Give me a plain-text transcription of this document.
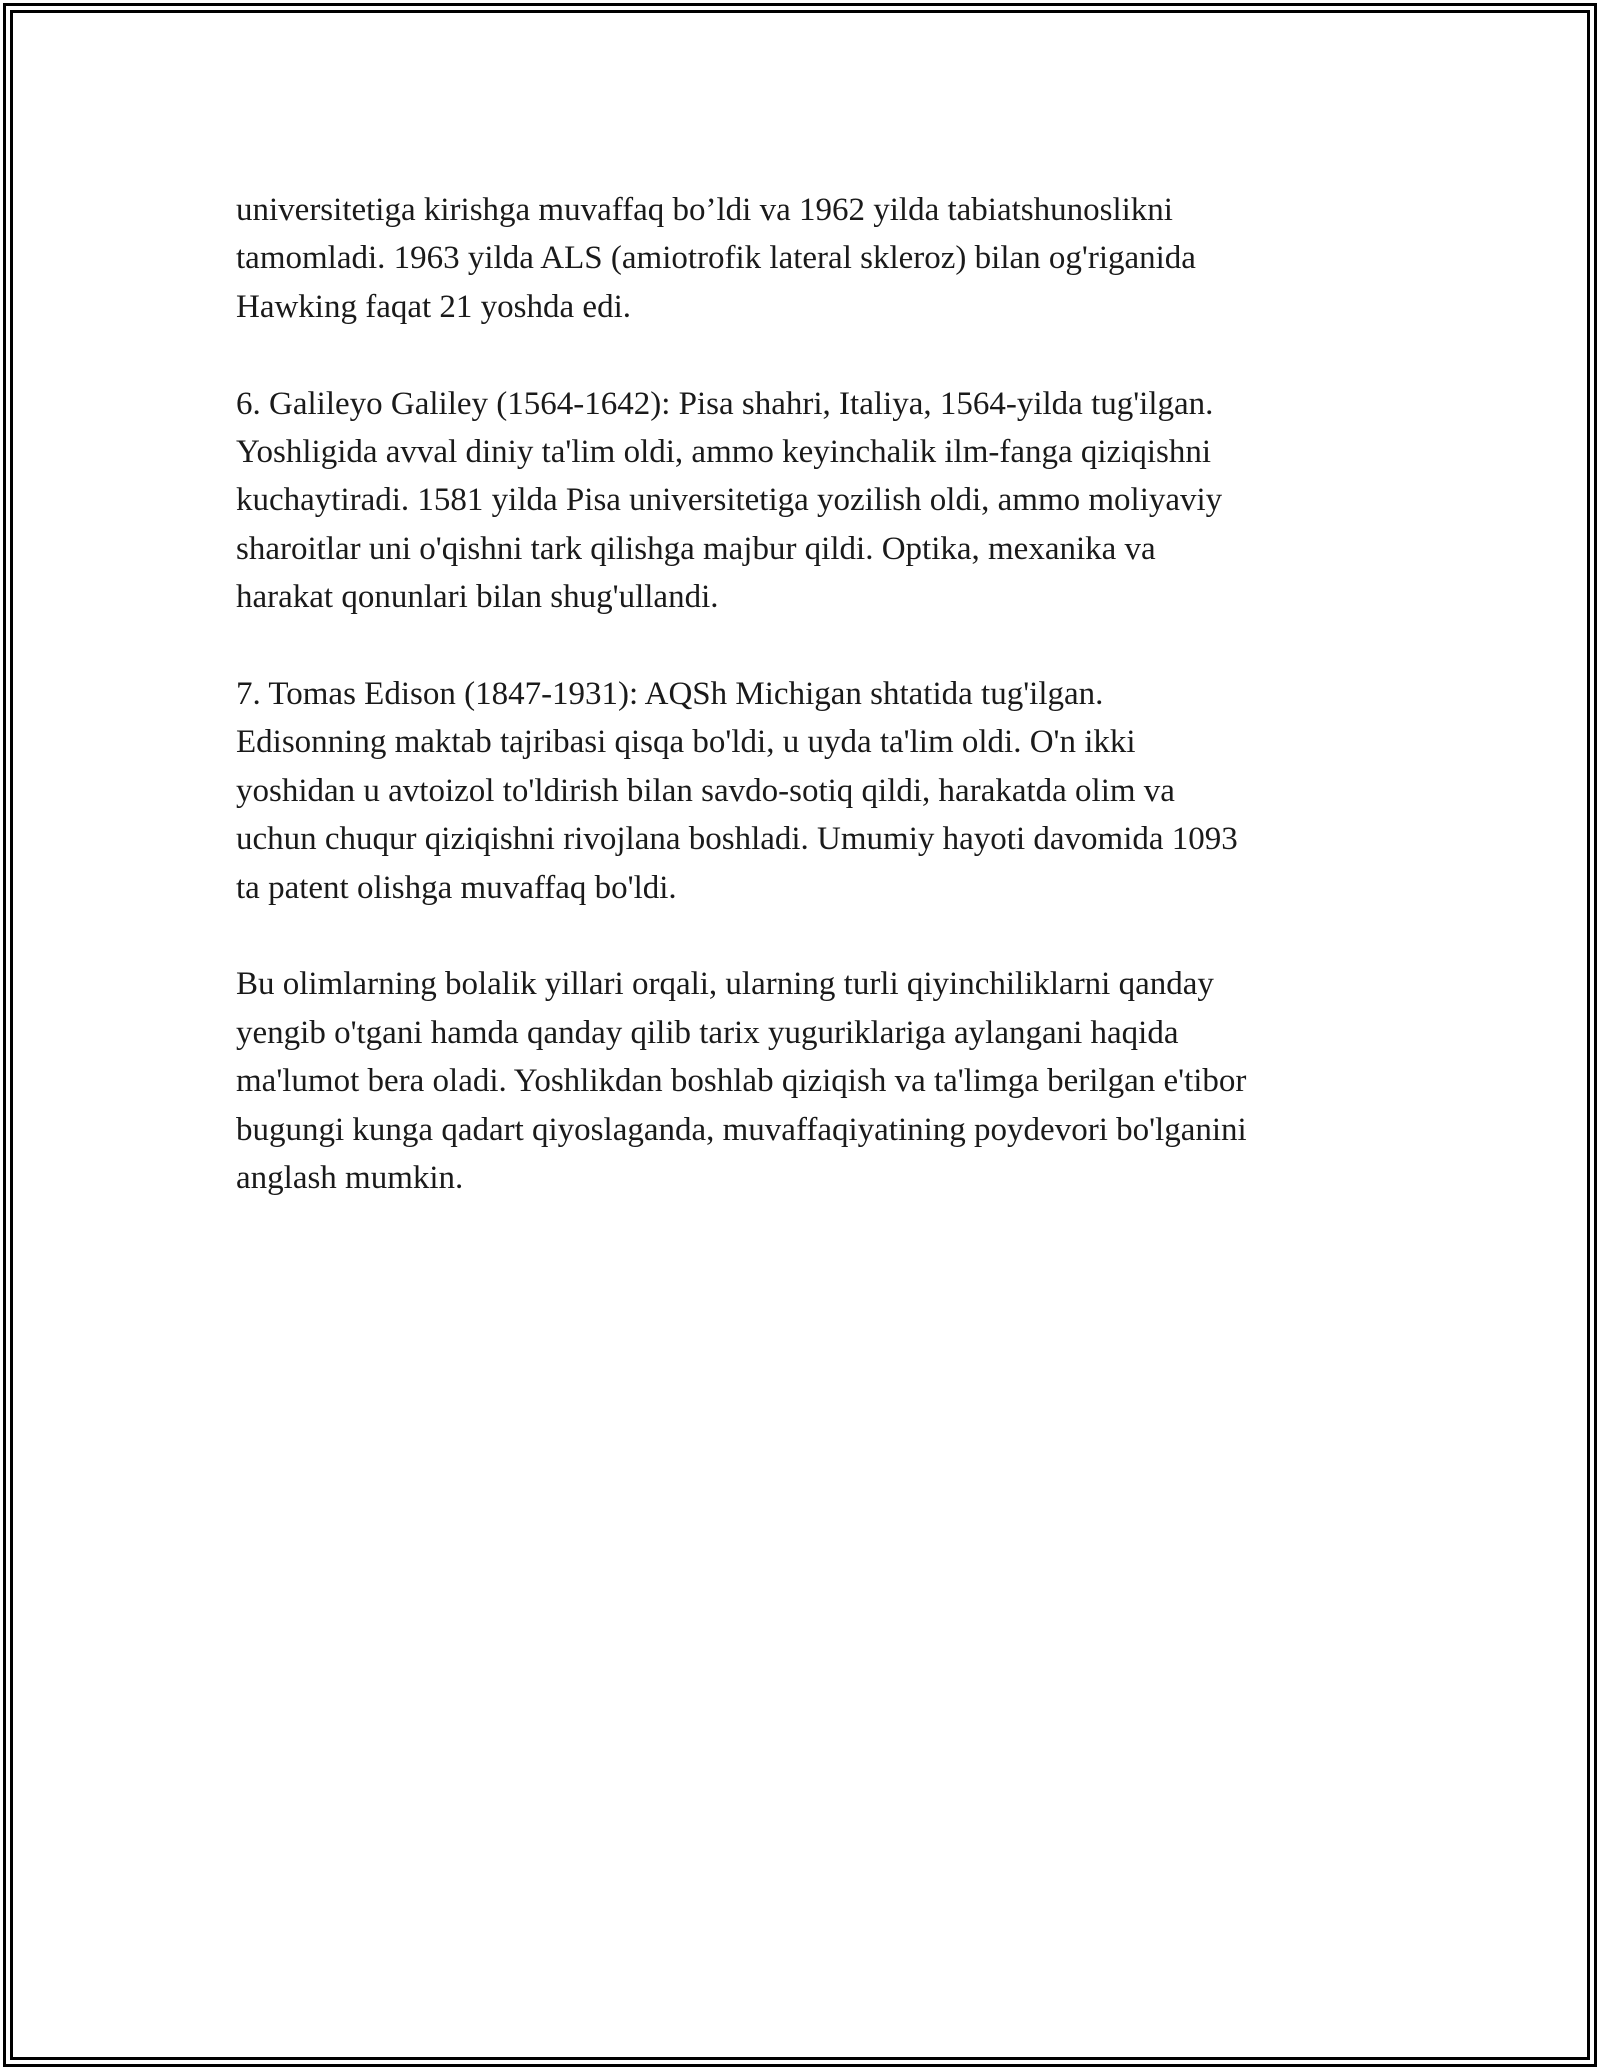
universitetiga kirishga muvaffaq bo’ldi va 1962 yilda tabiatshunoslikni
tamomladi. 1963 yilda ALS (amiotrofik lateral skleroz) bilan og'riganida
Hawking faqat 21 yoshda edi.

6. Galileyo Galiley (1564-1642): Pisa shahri, Italiya, 1564-yilda tug'ilgan.
Yoshligida avval diniy ta'lim oldi, ammo keyinchalik ilm-fanga qiziqishni
kuchaytiradi. 1581 yilda Pisa universitetiga yozilish oldi, ammo moliyaviy
sharoitlar uni o'qishni tark qilishga majbur qildi. Optika, mexanika va
harakat qonunlari bilan shug'ullandi.

7. Tomas Edison (1847-1931): AQSh Michigan shtatida tug'ilgan.
Edisonning maktab tajribasi qisqa bo'ldi, u uyda ta'lim oldi. O'n ikki
yoshidan u avtoizol to'ldirish bilan savdo-sotiq qildi, harakatda olim va
uchun chuqur qiziqishni rivojlana boshladi. Umumiy hayoti davomida 1093
ta patent olishga muvaffaq bo'ldi.

Bu olimlarning bolalik yillari orqali, ularning turli qiyinchiliklarni qanday
yengib o'tgani hamda qanday qilib tarix yuguriklariga aylangani haqida
ma'lumot bera oladi. Yoshlikdan boshlab qiziqish va ta'limga berilgan e'tibor
bugungi kunga qadart qiyoslaganda, muvaffaqiyatining poydevori bo'lganini
anglash mumkin.
